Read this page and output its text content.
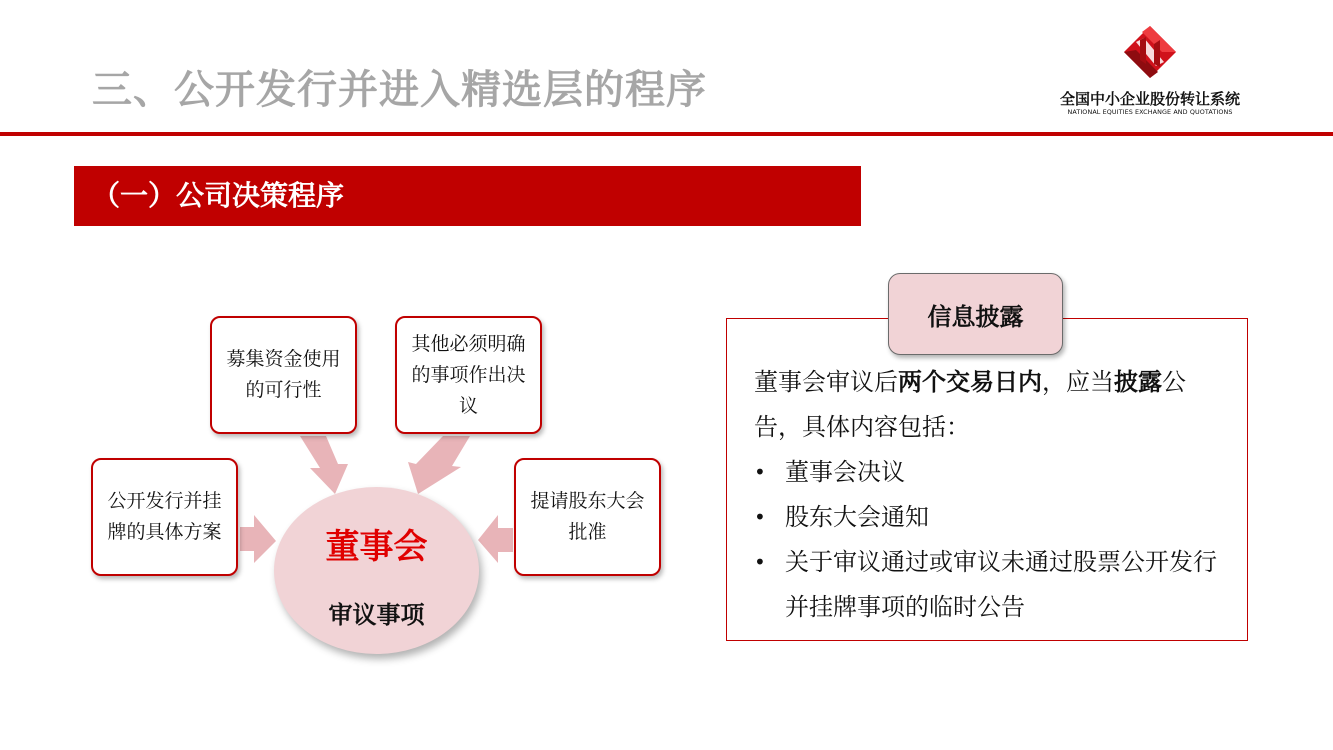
三、公开发行并进入精选层的程序	全国中小企业股份转让系统
NATIONAL EQUITIES EXCHANGE AND QUOTATIONS
（一）公司决策程序
募集资金使用的可行性
其他必须明确的事项作出决议
公开发行并挂牌的具体方案
提请股东大会批准
董事会
审议事项
信息披露
董事会审议后两个交易日内，应当披露公告，具体内容包括：
• 董事会决议
• 股东大会通知
• 关于审议通过或审议未通过股票公开发行并挂牌事项的临时公告
